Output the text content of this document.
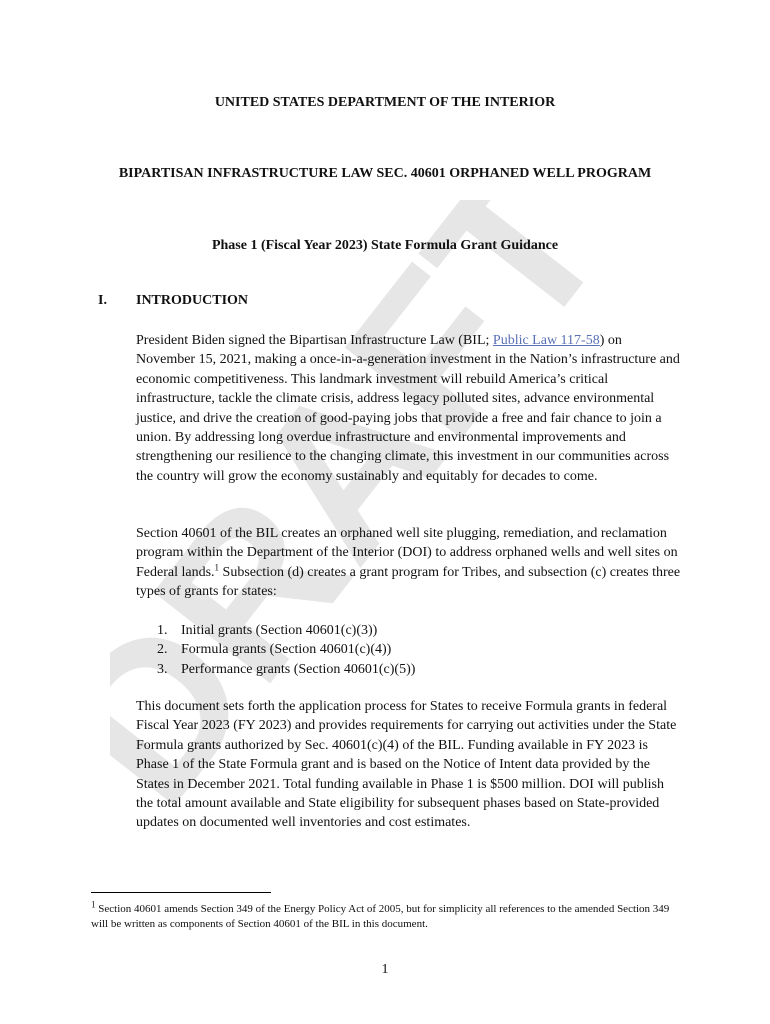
DRAFT
UNITED STATES DEPARTMENT OF THE INTERIOR
BIPARTISAN INFRASTRUCTURE LAW SEC. 40601 ORPHANED WELL PROGRAM
Phase 1 (Fiscal Year 2023) State Formula Grant Guidance
I.	INTRODUCTION
President Biden signed the Bipartisan Infrastructure Law (BIL; Public Law 117-58) on November 15, 2021, making a once-in-a-generation investment in the Nation’s infrastructure and economic competitiveness. This landmark investment will rebuild America’s critical infrastructure, tackle the climate crisis, address legacy polluted sites, advance environmental justice, and drive the creation of good-paying jobs that provide a free and fair chance to join a union. By addressing long overdue infrastructure and environmental improvements and strengthening our resilience to the changing climate, this investment in our communities across the country will grow the economy sustainably and equitably for decades to come.
Section 40601 of the BIL creates an orphaned well site plugging, remediation, and reclamation program within the Department of the Interior (DOI) to address orphaned wells and well sites on Federal lands.$^1$ Subsection (d) creates a grant program for Tribes, and subsection (c) creates three types of grants for states:
1. Initial grants (Section 40601(c)(3))
2. Formula grants (Section 40601(c)(4))
3. Performance grants (Section 40601(c)(5))
This document sets forth the application process for States to receive Formula grants in federal Fiscal Year 2023 (FY 2023) and provides requirements for carrying out activities under the State Formula grants authorized by Sec. 40601(c)(4) of the BIL. Funding available in FY 2023 is Phase 1 of the State Formula grant and is based on the Notice of Intent data provided by the States in December 2021. Total funding available in Phase 1 is $500 million. DOI will publish the total amount available and State eligibility for subsequent phases based on State-provided updates on documented well inventories and cost estimates.
$^1$ Section 40601 amends Section 349 of the Energy Policy Act of 2005, but for simplicity all references to the amended Section 349 will be written as components of Section 40601 of the BIL in this document.
1
